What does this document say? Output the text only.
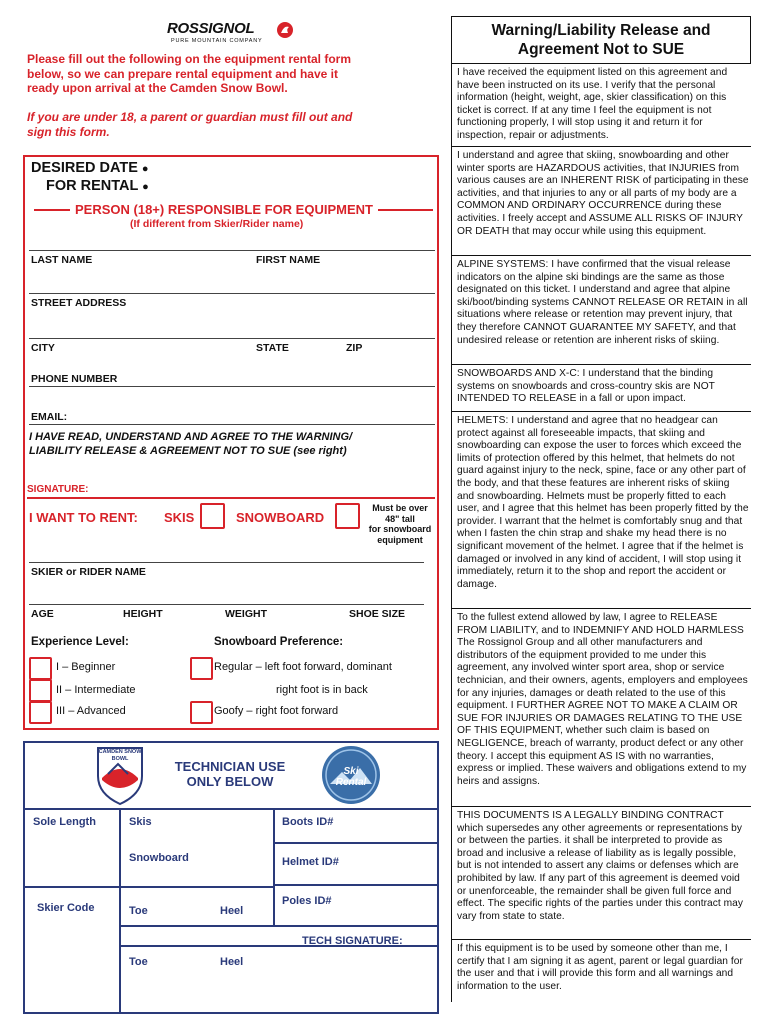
ROSSIGNOL
PURE MOUNTAIN COMPANY
Please fill out the following on the equipment rental form
below, so we can prepare rental equipment and have it
ready upon arrival at the Camden Snow Bowl.
If you are under 18, a parent or guardian must fill out and
sign this form.
DESIRED DATE ●
FOR RENTAL ●
PERSON (18+) RESPONSIBLE FOR EQUIPMENT
(If different from Skier/Rider name)
LAST NAME	FIRST NAME
STREET ADDRESS
CITY	STATE	ZIP
PHONE NUMBER
EMAIL:
I HAVE READ, UNDERSTAND AND AGREE TO THE WARNING/
LIABILITY RELEASE & AGREEMENT NOT TO SUE (see right)
SIGNATURE:
I WANT TO RENT: SKIS	SNOWBOARD
Must be over
48" tall
for snowboard
equipment
SKIER or RIDER NAME
AGE	HEIGHT	WEIGHT	SHOE SIZE
Experience Level:
I – Beginner
II – Intermediate
III – Advanced
Snowboard Preference:
Regular – left foot forward, dominant
right foot is in back
Goofy – right foot forward
CAMDEN SNOW BOWL
TECHNICIAN USE
ONLY BELOW
Ski Rental
Sole Length	Skis	Boots ID#
Snowboard	Helmet ID#
Skier Code
Poles ID#
Toe	Heel
TECH SIGNATURE:
Toe	Heel
Warning/Liability Release and
Agreement Not to SUE

I have received the equipment listed on this agreement and have been instructed on its use. I verify that the personal information (height, weight, age, skier classification) on this ticket is correct. If at any time I feel the equipment is not functioning properly, I will stop using it and return it for inspection, repair or adjustments.

I understand and agree that skiing, snowboarding and other winter sports are HAZARDOUS activities, that INJURIES from various causes are an INHERENT RISK of participating in these activities, and that injuries to any or all parts of my body are a COMMON AND ORDINARY OCCURRENCE during these activities. I freely accept and ASSUME ALL RISKS OF INJURY OR DEATH that may occur while using this equipment.

ALPINE SYSTEMS: I have confirmed that the visual release indicators on the alpine ski bindings are the same as those designated on this ticket. I understand and agree that alpine ski/boot/binding systems CANNOT RELEASE OR RETAIN in all situations where release or retention may prevent injury, that they therefore CANNOT GUARANTEE MY SAFETY, and that undesired release or retention are inherent risks of skiing.

SNOWBOARDS AND X-C: I understand that the binding systems on snowboards and cross-country skis are NOT INTENDED TO RELEASE in a fall or upon impact.

HELMETS: I understand and agree that no headgear can protect against all foreseeable impacts, that skiing and snowboarding can expose the user to forces which exceed the limits of protection offered by this helmet, that helmets do not guard against injury to the neck, spine, face or any other part of the body, and that these features are inherent risks of skiing and snowboarding. Helmets must be properly fitted to each user, and I agree that this helmet has been properly fitted by the provider. I warrant that the helmet is comfortably snug and that when I fasten the chin strap and shake my head there is no significant movement of the helmet. I agree that if the helmet is damaged or involved in any kind of accident, I will stop using it immediately, return it to the shop and report the accident or damage.

To the fullest extend allowed by law, I agree to RELEASE FROM LIABILITY, and to INDEMNIFY AND HOLD HARMLESS The Rossignol Group and all other manufacturers and distributors of the equipment provided to me under this agreement, any involved winter sport area, shop or service technician, and their owners, agents, employers and employees for any injuries, damages or death related to the use of this equipment. I FURTHER AGREE NOT TO MAKE A CLAIM OR SUE FOR INJURIES OR DAMAGES RELATING TO THE USE OF THIS EQUIPMENT, whether such claim is based on NEGLIGENCE, breach of warranty, product defect or any other theory. I accept this equipment AS IS with no warranties, express or implied. These waivers and obligations extend to my heirs and assigns.

THIS DOCUMENTS IS A LEGALLY BINDING CONTRACT which supersedes any other agreements or representations by or between the parties. it shall be interpreted to provide as broad and inclusive a release of liability as is legally possible, but is not intended to assert any claims or defenses which are prohibited by law. If any part of this agreement is deemed void or unenforceable, the remainder shall be given full force and effect. The specific rights of the parties under this contract may vary from state to state.

If this equipment is to be used by someone other than me, I certify that I am signing it as agent, parent or legal guardian for the user and that i will provide this form and all warnings and information to the user.
